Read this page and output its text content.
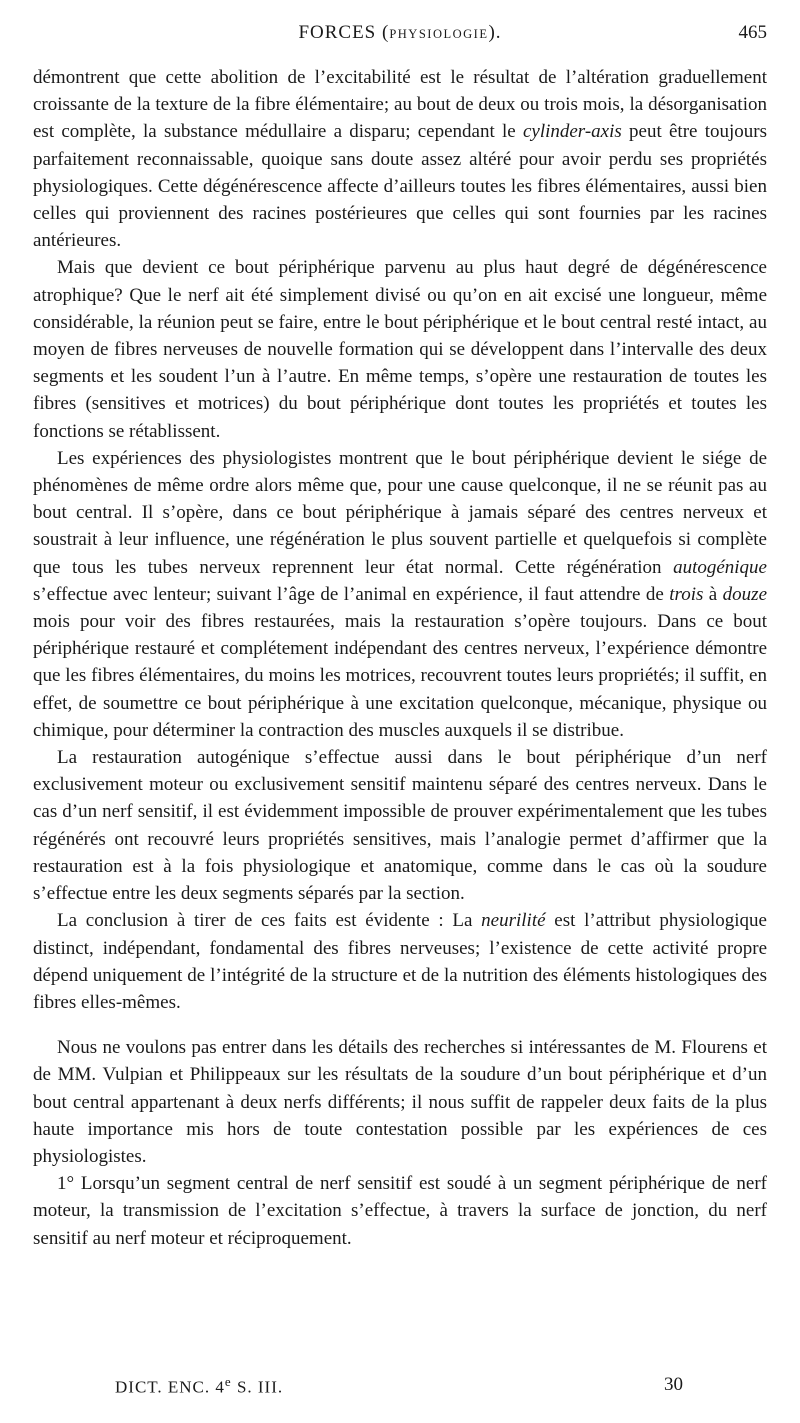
FORCES (PHYSIOLOGIE).	465

démontrent que cette abolition de l’excitabilité est le résultat de l’altération graduellement croissante de la texture de la fibre élémentaire; au bout de deux ou trois mois, la désorganisation est complète, la substance médullaire a disparu; cependant le cylinder-axis peut être toujours parfaitement reconnaissable, quoique sans doute assez altéré pour avoir perdu ses propriétés physiologiques. Cette dégénérescence affecte d’ailleurs toutes les fibres élémentaires, aussi bien celles qui proviennent des racines postérieures que celles qui sont fournies par les racines antérieures.

Mais que devient ce bout périphérique parvenu au plus haut degré de dégénérescence atrophique? Que le nerf ait été simplement divisé ou qu’on en ait excisé une longueur, même considérable, la réunion peut se faire, entre le bout périphérique et le bout central resté intact, au moyen de fibres nerveuses de nouvelle formation qui se développent dans l’intervalle des deux segments et les soudent l’un à l’autre. En même temps, s’opère une restauration de toutes les fibres (sensitives et motrices) du bout périphérique dont toutes les propriétés et toutes les fonctions se rétablissent.

Les expériences des physiologistes montrent que le bout périphérique devient le siége de phénomènes de même ordre alors même que, pour une cause quelconque, il ne se réunit pas au bout central. Il s’opère, dans ce bout périphérique à jamais séparé des centres nerveux et soustrait à leur influence, une régénération le plus souvent partielle et quelquefois si complète que tous les tubes nerveux reprennent leur état normal. Cette régénération autogénique s’effectue avec lenteur; suivant l’âge de l’animal en expérience, il faut attendre de trois à douze mois pour voir des fibres restaurées, mais la restauration s’opère toujours. Dans ce bout périphérique restauré et complétement indépendant des centres nerveux, l’expérience démontre que les fibres élémentaires, du moins les motrices, recouvrent toutes leurs propriétés; il suffit, en effet, de soumettre ce bout périphérique à une excitation quelconque, mécanique, physique ou chimique, pour déterminer la contraction des muscles auxquels il se distribue.

La restauration autogénique s’effectue aussi dans le bout périphérique d’un nerf exclusivement moteur ou exclusivement sensitif maintenu séparé des centres nerveux. Dans le cas d’un nerf sensitif, il est évidemment impossible de prouver expérimentalement que les tubes régénérés ont recouvré leurs propriétés sensitives, mais l’analogie permet d’affirmer que la restauration est à la fois physiologique et anatomique, comme dans le cas où la soudure s’effectue entre les deux segments séparés par la section.

La conclusion à tirer de ces faits est évidente : La neurilité est l’attribut physiologique distinct, indépendant, fondamental des fibres nerveuses; l’existence de cette activité propre dépend uniquement de l’intégrité de la structure et de la nutrition des éléments histologiques des fibres elles-mêmes.

Nous ne voulons pas entrer dans les détails des recherches si intéressantes de M. Flourens et de MM. Vulpian et Philippeaux sur les résultats de la soudure d’un bout périphérique et d’un bout central appartenant à deux nerfs différents; il nous suffit de rappeler deux faits de la plus haute importance mis hors de toute contestation possible par les expériences de ces physiologistes.

1° Lorsqu’un segment central de nerf sensitif est soudé à un segment périphérique de nerf moteur, la transmission de l’excitation s’effectue, à travers la surface de jonction, du nerf sensitif au nerf moteur et réciproquement.

DICT. ENC. 4e S. III.	30
